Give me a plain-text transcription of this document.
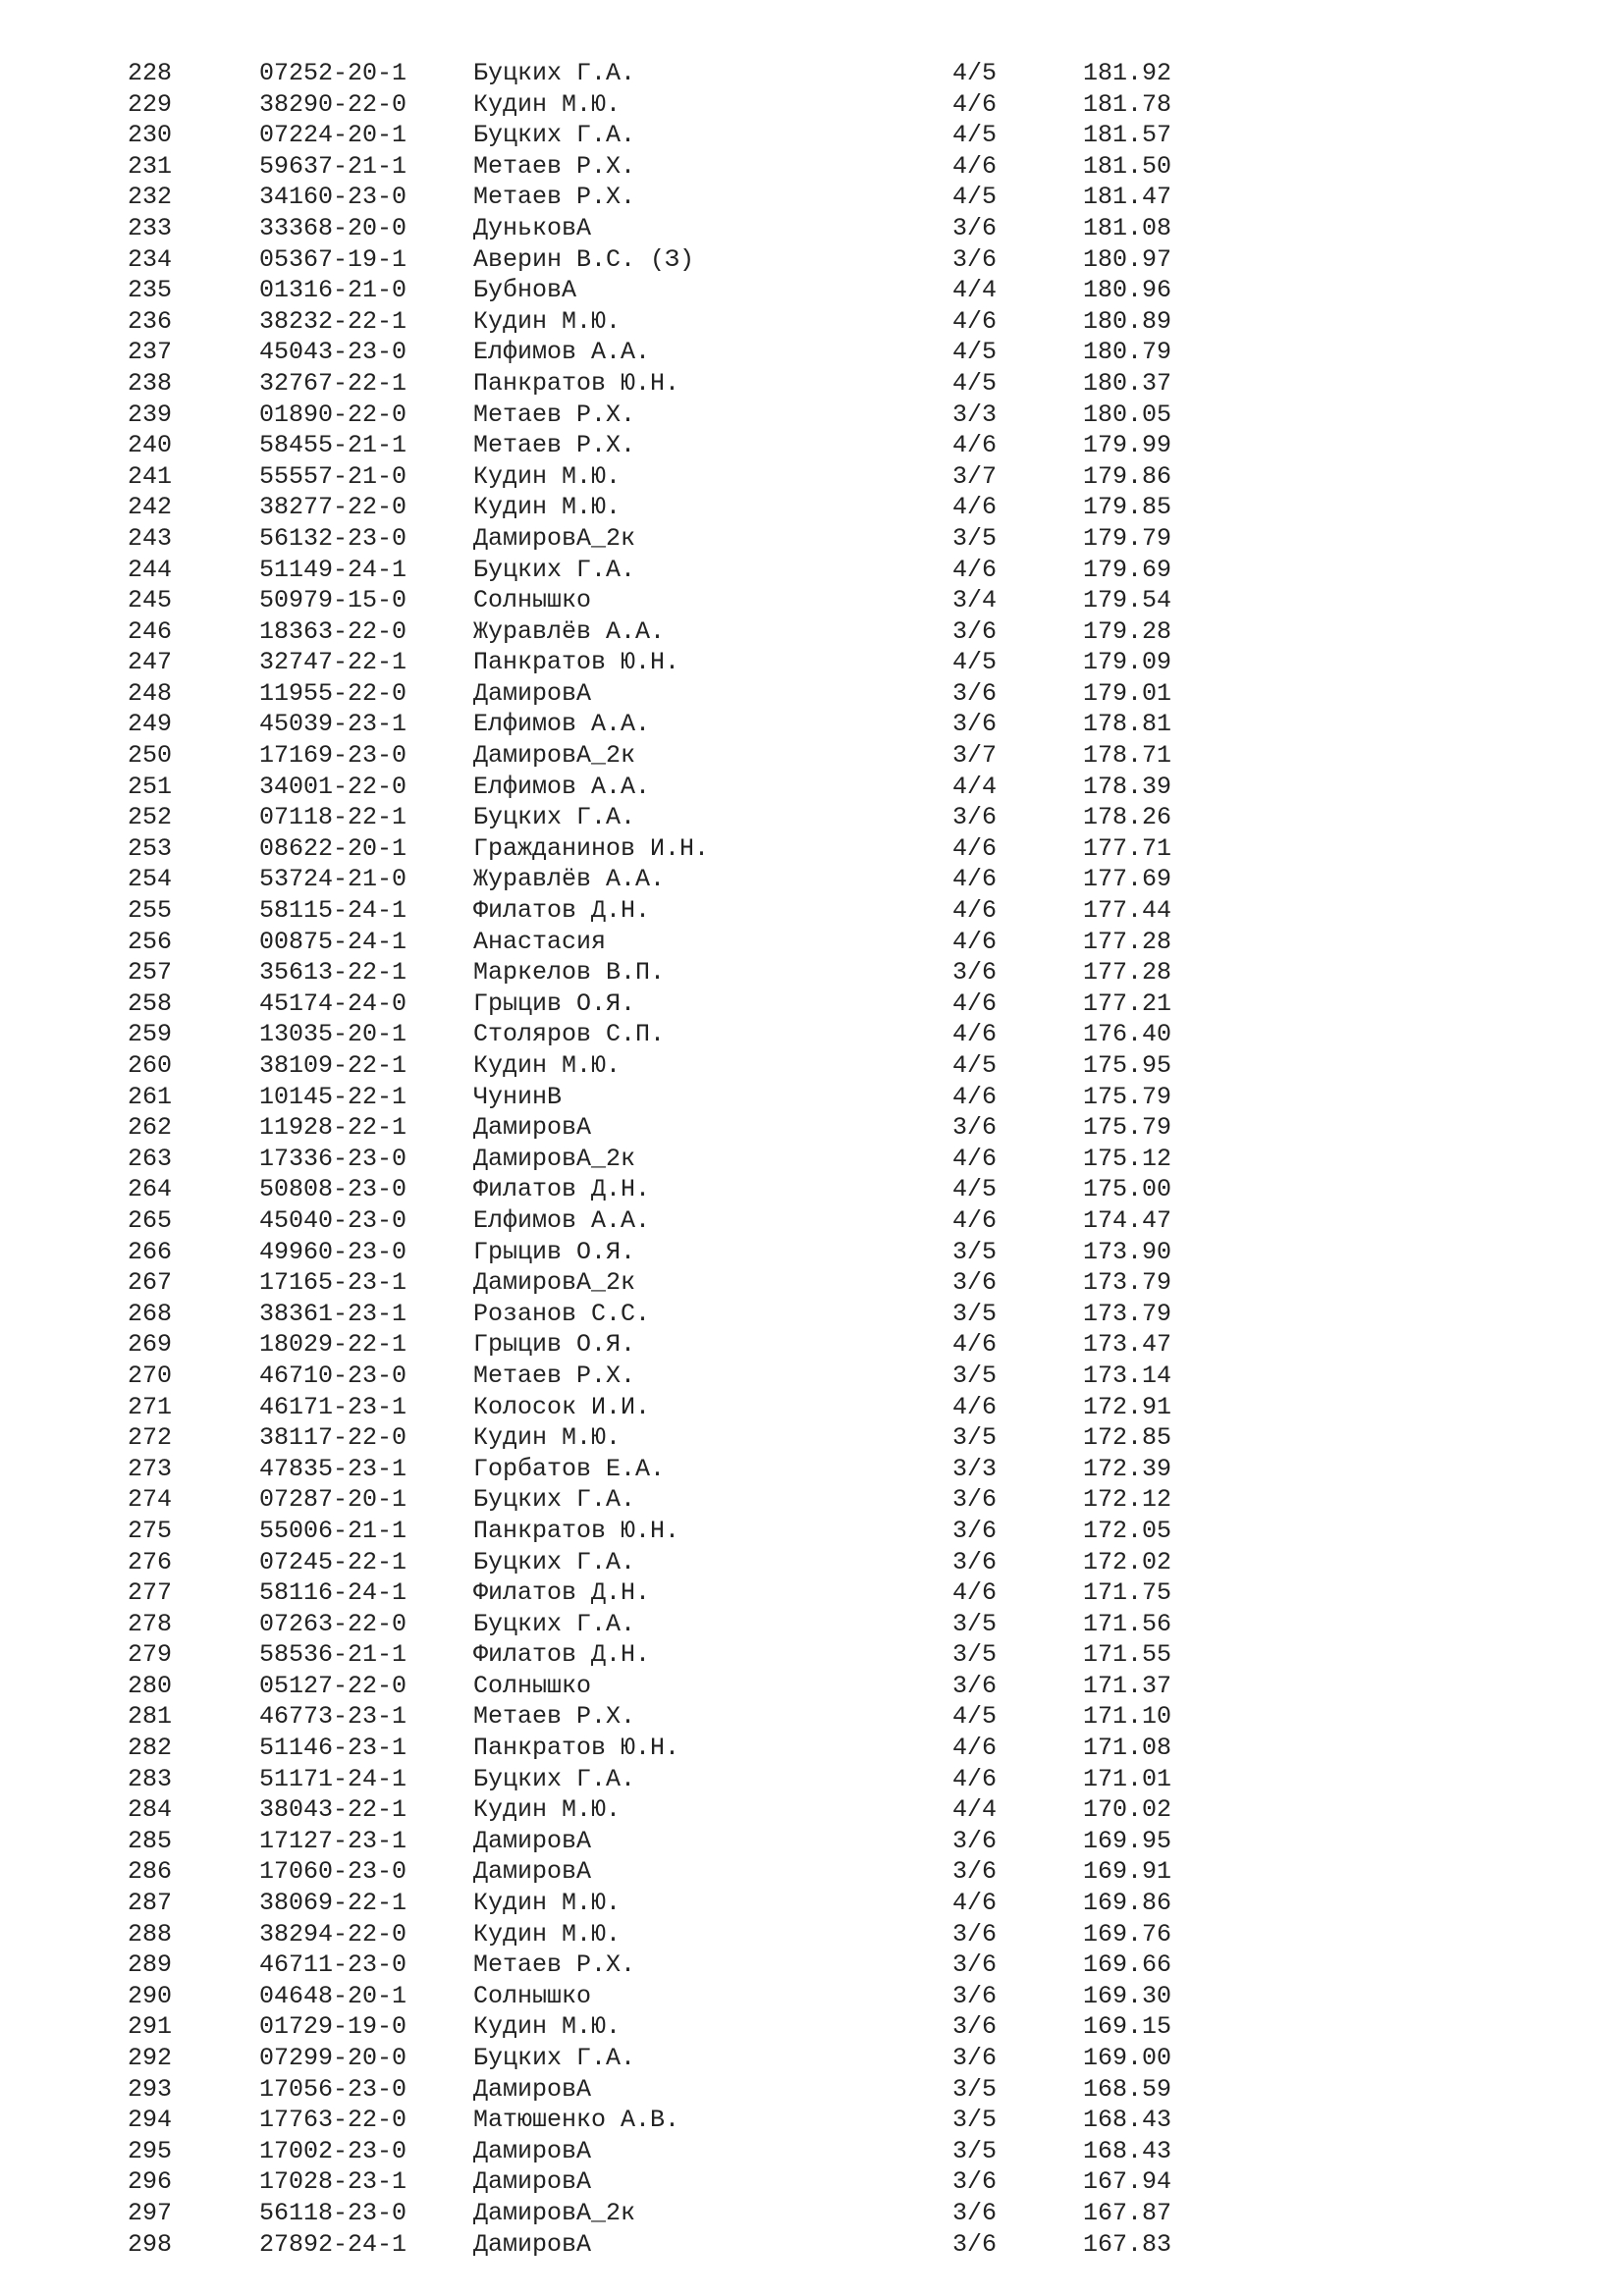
228	07252-20-1	Буцких Г.А.	4/5	181.92
229	38290-22-0	Кудин М.Ю.	4/6	181.78
230	07224-20-1	Буцких Г.А.	4/5	181.57
231	59637-21-1	Метаев Р.Х.	4/6	181.50
232	34160-23-0	Метаев Р.Х.	4/5	181.47
233	33368-20-0	ДуньковА	3/6	181.08
234	05367-19-1	Аверин В.С. (З)	3/6	180.97
235	01316-21-0	БубновА	4/4	180.96
236	38232-22-1	Кудин М.Ю.	4/6	180.89
237	45043-23-0	Елфимов А.А.	4/5	180.79
238	32767-22-1	Панкратов Ю.Н.	4/5	180.37
239	01890-22-0	Метаев Р.Х.	3/3	180.05
240	58455-21-1	Метаев Р.Х.	4/6	179.99
241	55557-21-0	Кудин М.Ю.	3/7	179.86
242	38277-22-0	Кудин М.Ю.	4/6	179.85
243	56132-23-0	ДамировА_2к	3/5	179.79
244	51149-24-1	Буцких Г.А.	4/6	179.69
245	50979-15-0	Солнышко	3/4	179.54
246	18363-22-0	Журавлёв А.А.	3/6	179.28
247	32747-22-1	Панкратов Ю.Н.	4/5	179.09
248	11955-22-0	ДамировА	3/6	179.01
249	45039-23-1	Елфимов А.А.	3/6	178.81
250	17169-23-0	ДамировА_2к	3/7	178.71
251	34001-22-0	Елфимов А.А.	4/4	178.39
252	07118-22-1	Буцких Г.А.	3/6	178.26
253	08622-20-1	Гражданинов И.Н.	4/6	177.71
254	53724-21-0	Журавлёв А.А.	4/6	177.69
255	58115-24-1	Филатов Д.Н.	4/6	177.44
256	00875-24-1	Анастасия	4/6	177.28
257	35613-22-1	Маркелов В.П.	3/6	177.28
258	45174-24-0	Грыцив О.Я.	4/6	177.21
259	13035-20-1	Столяров С.П.	4/6	176.40
260	38109-22-1	Кудин М.Ю.	4/5	175.95
261	10145-22-1	ЧунинВ	4/6	175.79
262	11928-22-1	ДамировА	3/6	175.79
263	17336-23-0	ДамировА_2к	4/6	175.12
264	50808-23-0	Филатов Д.Н.	4/5	175.00
265	45040-23-0	Елфимов А.А.	4/6	174.47
266	49960-23-0	Грыцив О.Я.	3/5	173.90
267	17165-23-1	ДамировА_2к	3/6	173.79
268	38361-23-1	Розанов С.С.	3/5	173.79
269	18029-22-1	Грыцив О.Я.	4/6	173.47
270	46710-23-0	Метаев Р.Х.	3/5	173.14
271	46171-23-1	Колосок И.И.	4/6	172.91
272	38117-22-0	Кудин М.Ю.	3/5	172.85
273	47835-23-1	Горбатов Е.А.	3/3	172.39
274	07287-20-1	Буцких Г.А.	3/6	172.12
275	55006-21-1	Панкратов Ю.Н.	3/6	172.05
276	07245-22-1	Буцких Г.А.	3/6	172.02
277	58116-24-1	Филатов Д.Н.	4/6	171.75
278	07263-22-0	Буцких Г.А.	3/5	171.56
279	58536-21-1	Филатов Д.Н.	3/5	171.55
280	05127-22-0	Солнышко	3/6	171.37
281	46773-23-1	Метаев Р.Х.	4/5	171.10
282	51146-23-1	Панкратов Ю.Н.	4/6	171.08
283	51171-24-1	Буцких Г.А.	4/6	171.01
284	38043-22-1	Кудин М.Ю.	4/4	170.02
285	17127-23-1	ДамировА	3/6	169.95
286	17060-23-0	ДамировА	3/6	169.91
287	38069-22-1	Кудин М.Ю.	4/6	169.86
288	38294-22-0	Кудин М.Ю.	3/6	169.76
289	46711-23-0	Метаев Р.Х.	3/6	169.66
290	04648-20-1	Солнышко	3/6	169.30
291	01729-19-0	Кудин М.Ю.	3/6	169.15
292	07299-20-0	Буцких Г.А.	3/6	169.00
293	17056-23-0	ДамировА	3/5	168.59
294	17763-22-0	Матюшенко А.В.	3/5	168.43
295	17002-23-0	ДамировА	3/5	168.43
296	17028-23-1	ДамировА	3/6	167.94
297	56118-23-0	ДамировА_2к	3/6	167.87
298	27892-24-1	ДамировА	3/6	167.83
